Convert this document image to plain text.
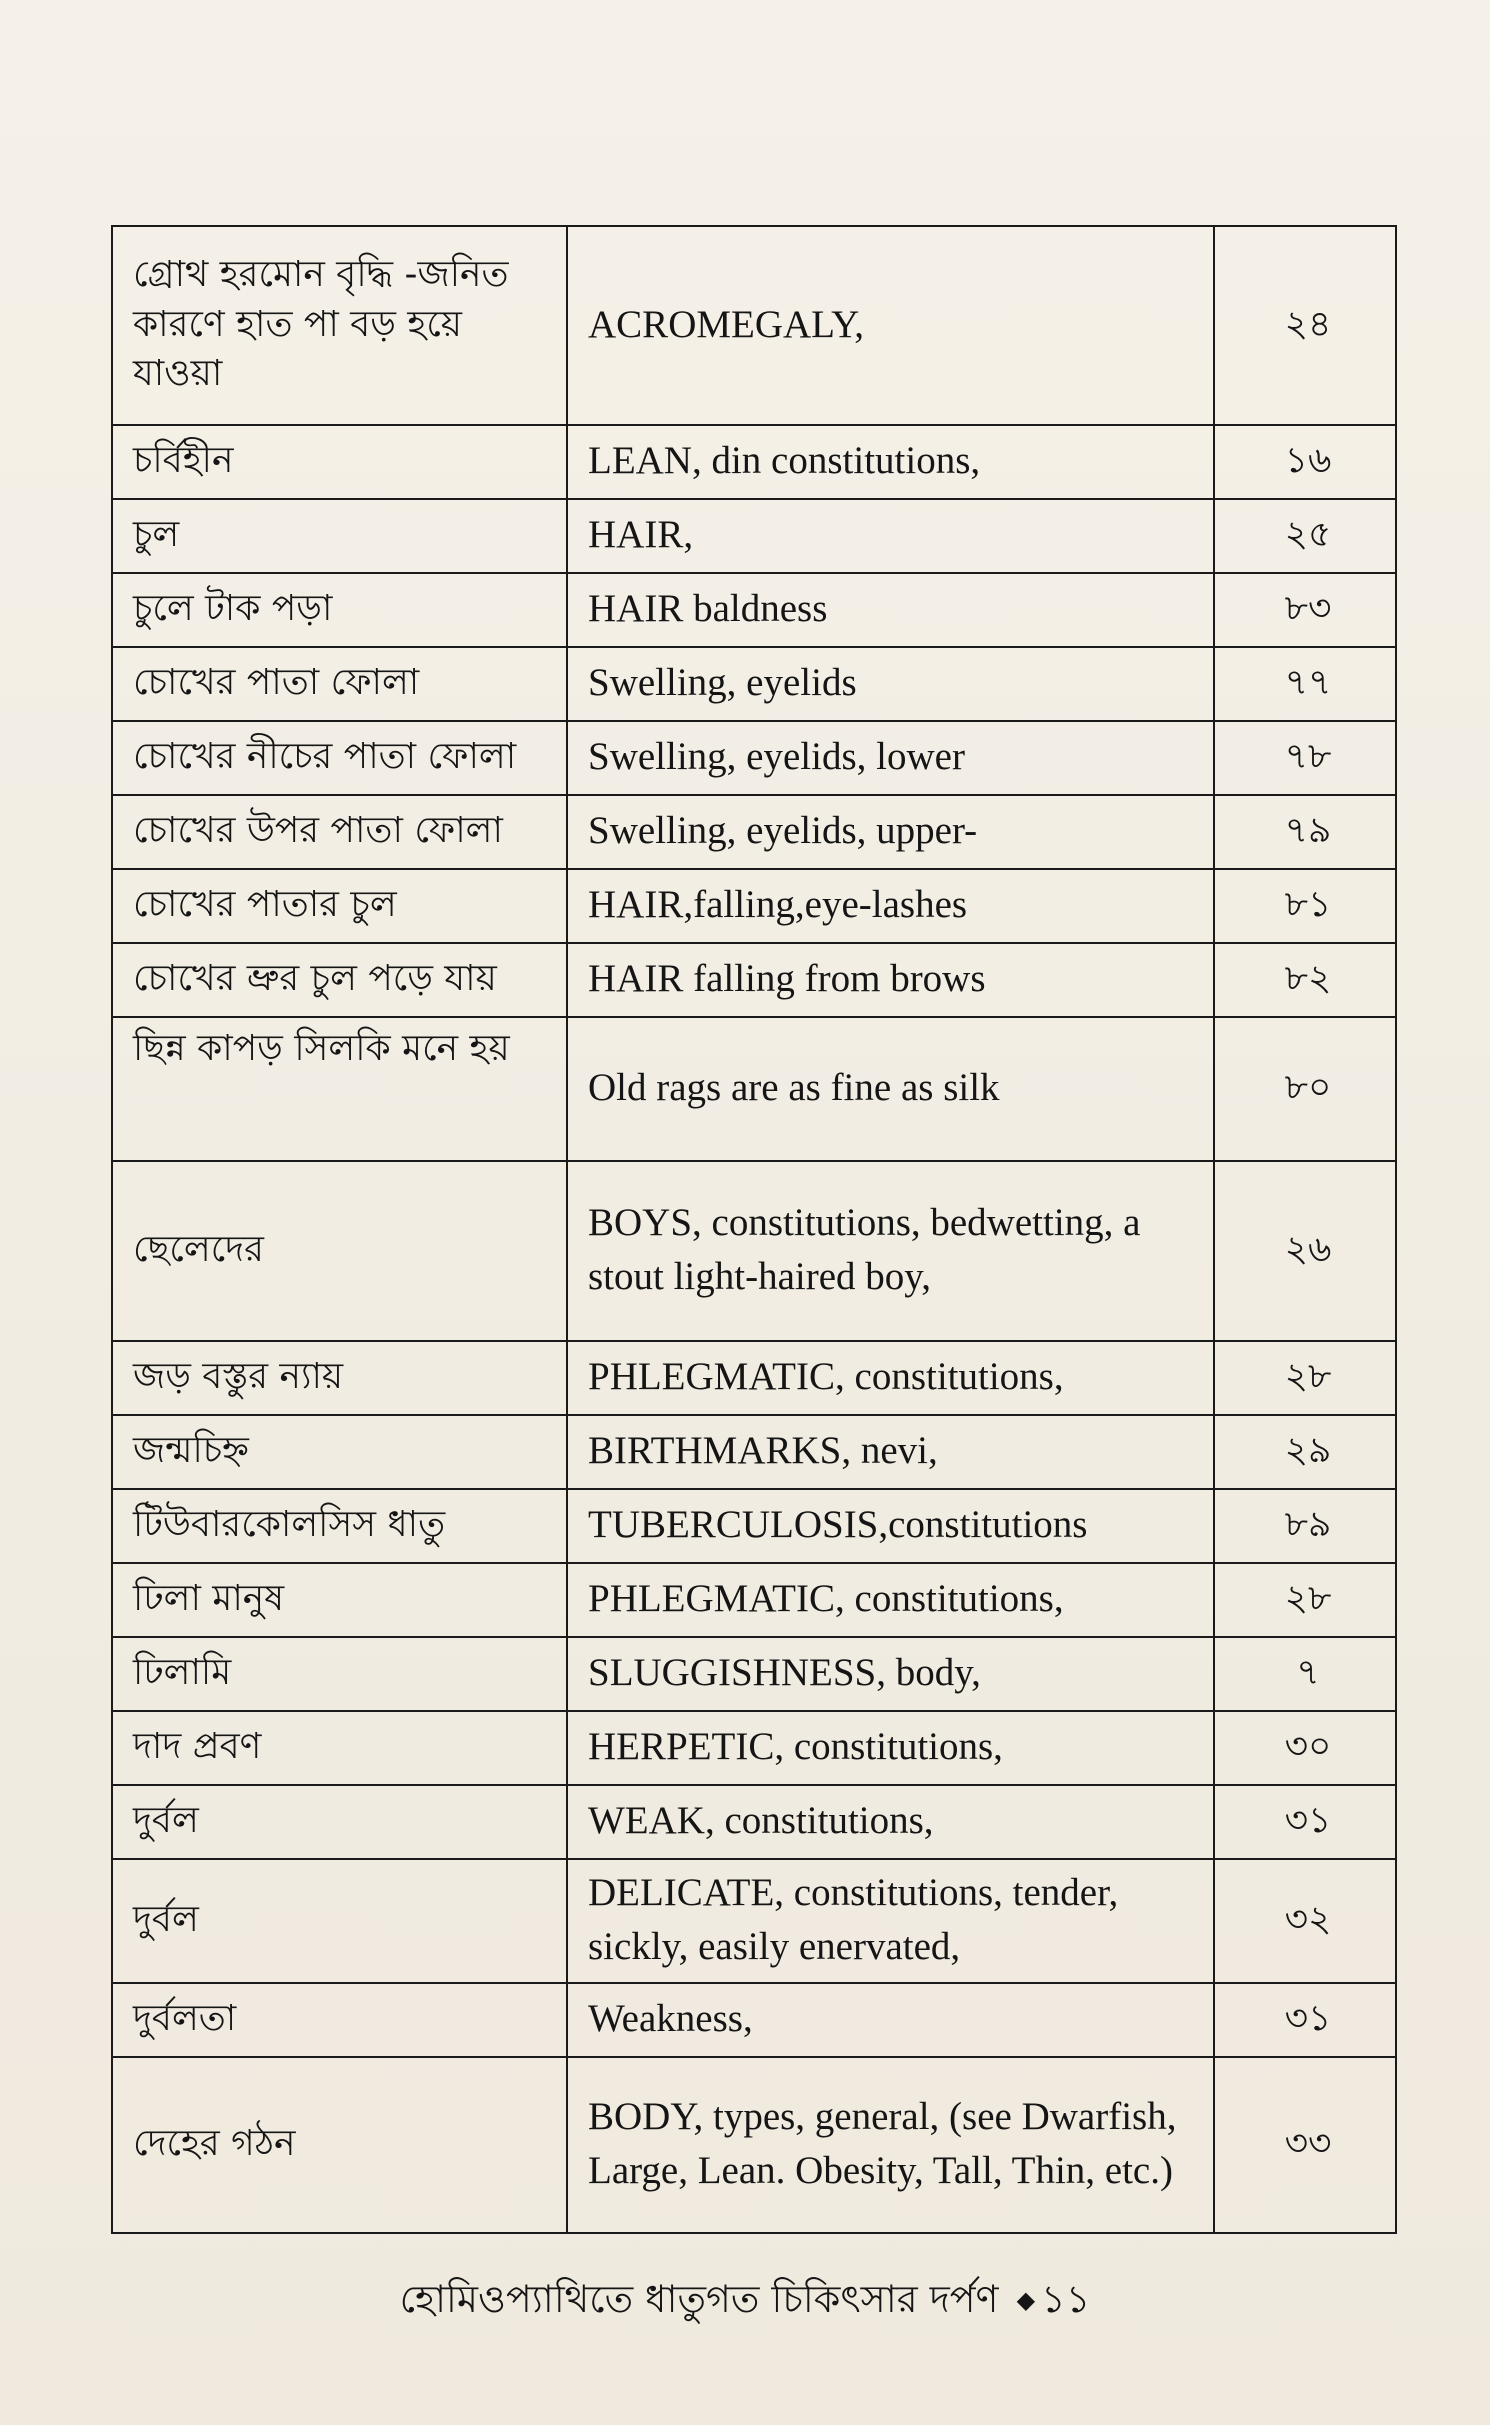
গ্রোথ হরমোন বৃদ্ধি -জনিত কারণে হাত পা বড় হয়ে যাওয়া	ACROMEGALY,	২৪
চর্বিহীন	LEAN, din constitutions,	১৬
চুল	HAIR,	২৫
চুলে টাক পড়া	HAIR baldness	৮৩
চোখের পাতা ফোলা	Swelling, eyelids	৭৭
চোখের নীচের পাতা ফোলা	Swelling, eyelids, lower	৭৮
চোখের উপর পাতা ফোলা	Swelling, eyelids, upper-	৭৯
চোখের পাতার চুল	HAIR,falling,eye-lashes	৮১
চোখের ভ্রুর চুল পড়ে যায়	HAIR falling from brows	৮২
ছিন্ন কাপড় সিলকি মনে হয়	Old rags are as fine as silk	৮০
ছেলেদের	BOYS, constitutions, bedwetting, a stout light-haired boy,	২৬
জড় বস্তুর ন্যায়	PHLEGMATIC, constitutions,	২৮
জন্মচিহ্ন	BIRTHMARKS, nevi,	২৯
টিউবারকোলসিস ধাতু	TUBERCULOSIS,constitutions	৮৯
ঢিলা মানুষ	PHLEGMATIC, constitutions,	২৮
ঢিলামি	SLUGGISHNESS, body,	৭
দাদ প্রবণ	HERPETIC, constitutions,	৩০
দুর্বল	WEAK, constitutions,	৩১
দুর্বল	DELICATE, constitutions, tender, sickly, easily enervated,	৩২
দুর্বলতা	Weakness,	৩১
দেহের গঠন	BODY, types, general, (see Dwarfish, Large, Lean. Obesity, Tall, Thin, etc.)	৩৩
হোমিওপ্যাথিতে ধাতুগত চিকিৎসার দর্পণ ◆ ১১
